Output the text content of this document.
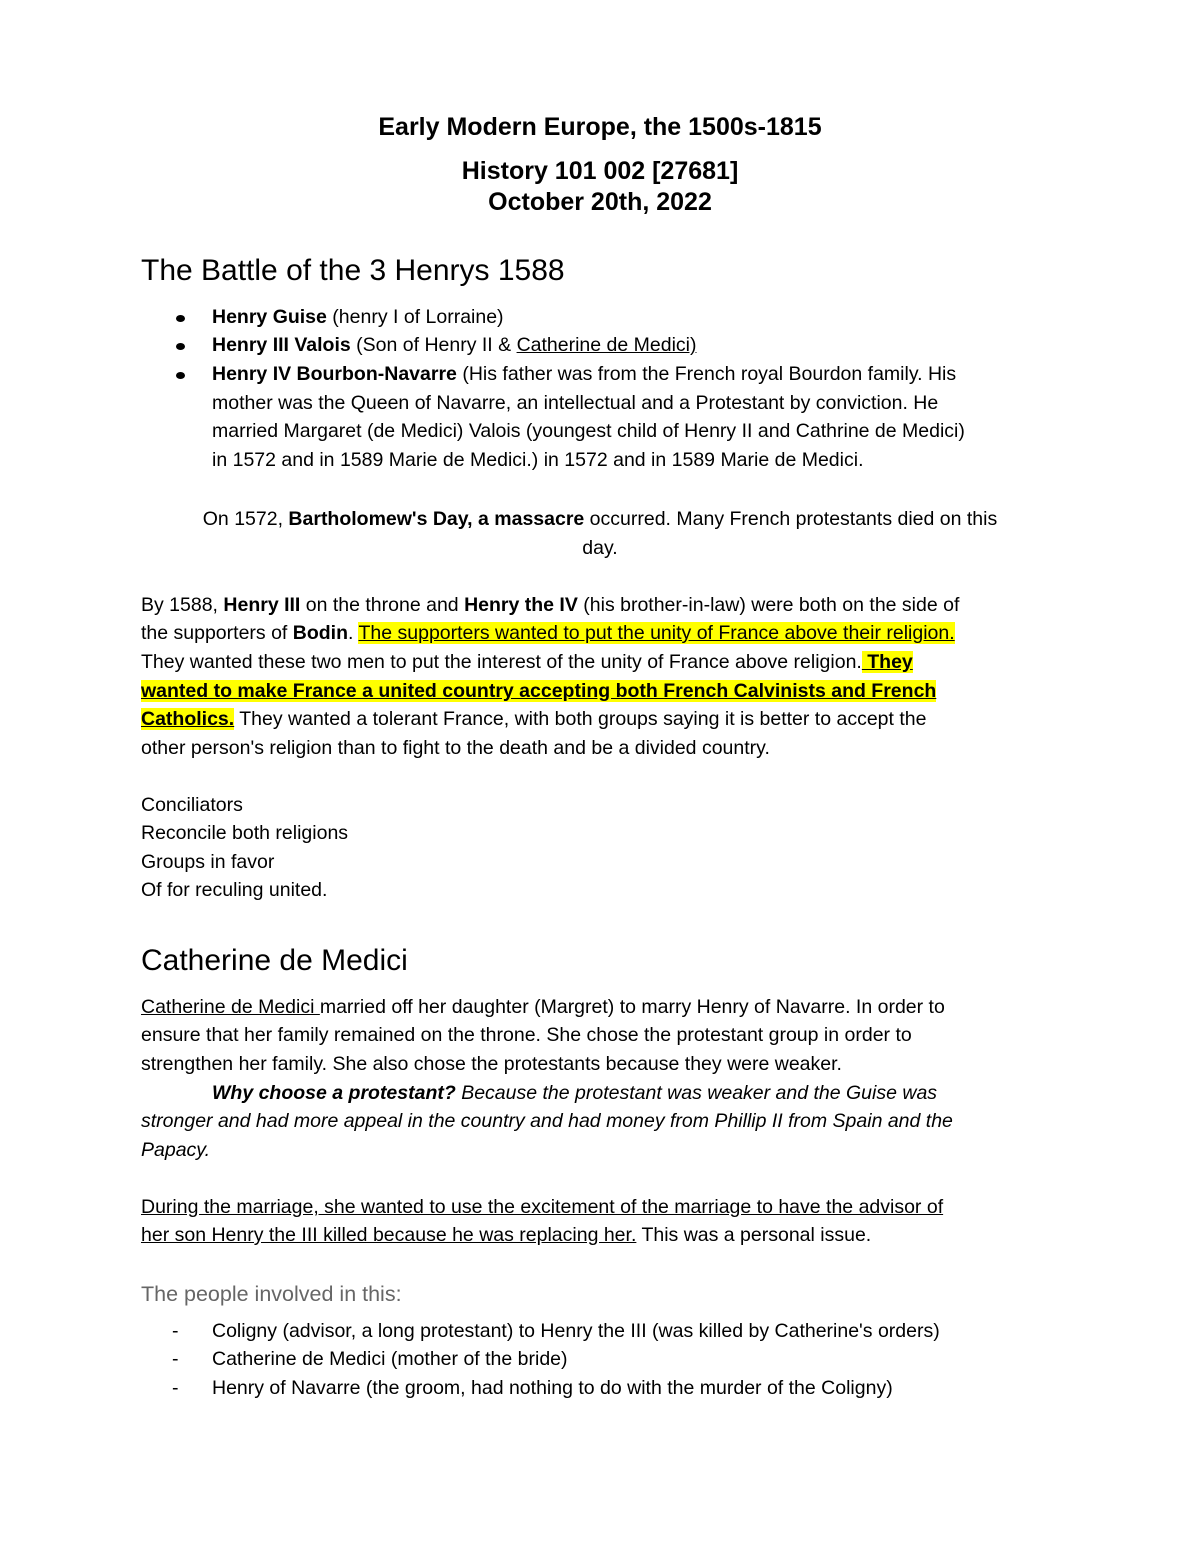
Early Modern Europe, the 1500s-1815
History 101 002 [27681]
October 20th, 2022
The Battle of the 3 Henrys 1588
Henry Guise (henry I of Lorraine)
Henry III Valois (Son of Henry II & Catherine de Medici)
Henry IV Bourbon-Navarre (His father was from the French royal Bourdon family. His
mother was the Queen of Navarre, an intellectual and a Protestant by conviction. He
married Margaret (de Medici) Valois (youngest child of Henry II and Cathrine de Medici)
in 1572 and in 1589 Marie de Medici.) in 1572 and in 1589 Marie de Medici.
On 1572, Bartholomew's Day, a massacre occurred. Many French protestants died on this
day.
By 1588, Henry III on the throne and Henry the IV (his brother-in-law) were both on the side of
the supporters of Bodin. The supporters wanted to put the unity of France above their religion.
They wanted these two men to put the interest of the unity of France above religion. They
wanted to make France a united country accepting both French Calvinists and French
Catholics. They wanted a tolerant France, with both groups saying it is better to accept the
other person's religion than to fight to the death and be a divided country.
Conciliators
Reconcile both religions
Groups in favor
Of for reculing united.
Catherine de Medici
Catherine de Medici married off her daughter (Margret) to marry Henry of Navarre. In order to
ensure that her family remained on the throne. She chose the protestant group in order to
strengthen her family. She also chose the protestants because they were weaker.
Why choose a protestant? Because the protestant was weaker and the Guise was
stronger and had more appeal in the country and had money from Phillip II from Spain and the
Papacy.
During the marriage, she wanted to use the excitement of the marriage to have the advisor of
her son Henry the III killed because he was replacing her. This was a personal issue.
The people involved in this:
- Coligny (advisor, a long protestant) to Henry the III (was killed by Catherine's orders)
- Catherine de Medici (mother of the bride)
- Henry of Navarre (the groom, had nothing to do with the murder of the Coligny)
